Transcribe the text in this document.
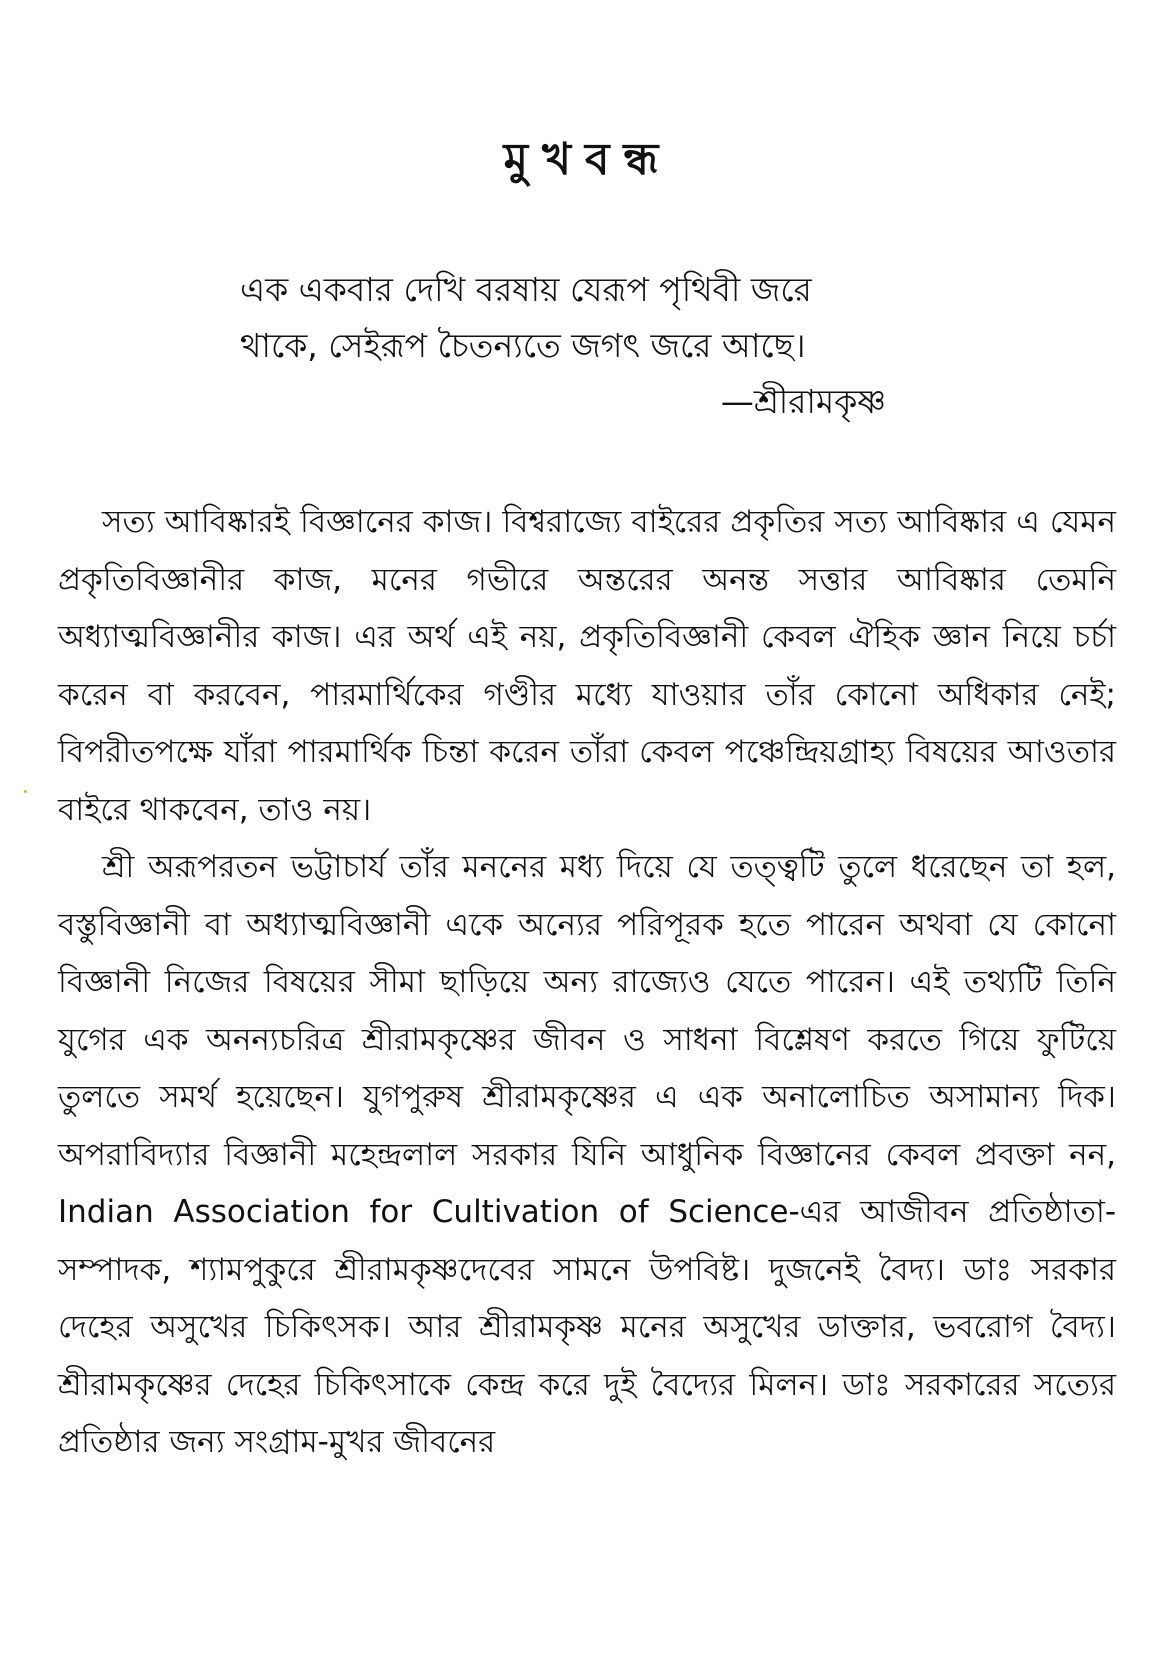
মুখবন্ধ
এক একবার দেখি বরষায় যেরূপ পৃথিবী জরে
থাকে, সেইরূপ চৈতন্যতে জগৎ জরে আছে।
—শ্রীরামকৃষ্ণ

সত্য আবিষ্কারই বিজ্ঞানের কাজ। বিশ্বরাজ্যে বাইরের প্রকৃতির সত্য আবিষ্কার এ যেমন প্রকৃতিবিজ্ঞানীর কাজ, মনের গভীরে অন্তরের অনন্ত সত্তার আবিষ্কার তেমনি অধ্যাত্মবিজ্ঞানীর কাজ। এর অর্থ এই নয়, প্রকৃতিবিজ্ঞানী কেবল ঐহিক জ্ঞান নিয়ে চর্চা করেন বা করবেন, পারমার্থিকের গণ্ডীর মধ্যে যাওয়ার তাঁর কোনো অধিকার নেই; বিপরীতপক্ষে যাঁরা পারমার্থিক চিন্তা করেন তাঁরা কেবল পঞ্চেন্দ্রিয়গ্রাহ্য বিষয়ের আওতার বাইরে থাকবেন, তাও নয়।

শ্রী অরূপরতন ভট্টাচার্য তাঁর মননের মধ্য দিয়ে যে তত্ত্বটি তুলে ধরেছেন তা হল, বস্তুবিজ্ঞানী বা অধ্যাত্মবিজ্ঞানী একে অন্যের পরিপূরক হতে পারেন অথবা যে কোনো বিজ্ঞানী নিজের বিষয়ের সীমা ছাড়িয়ে অন্য রাজ্যেও যেতে পারেন। এই তথ্যটি তিনি যুগের এক অনন্যচরিত্র শ্রীরামকৃষ্ণের জীবন ও সাধনা বিশ্লেষণ করতে গিয়ে ফুটিয়ে তুলতে সমর্থ হয়েছেন। যুগপুরুষ শ্রীরামকৃষ্ণের এ এক অনালোচিত অসামান্য দিক। অপরাবিদ্যার বিজ্ঞানী মহেন্দ্রলাল সরকার যিনি আধুনিক বিজ্ঞানের কেবল প্রবক্তা নন, Indian Association for Cultivation of Science-এর আজীবন প্রতিষ্ঠাতা-সম্পাদক, শ্যামপুকুরে শ্রীরামকৃষ্ণদেবের সামনে উপবিষ্ট। দুজনেই বৈদ্য। ডাঃ সরকার দেহের অসুখের চিকিৎসক। আর শ্রীরামকৃষ্ণ মনের অসুখের ডাক্তার, ভবরোগ বৈদ্য। শ্রীরামকৃষ্ণের দেহের চিকিৎসাকে কেন্দ্র করে দুই বৈদ্যের মিলন। ডাঃ সরকারের সত্যের প্রতিষ্ঠার জন্য সংগ্রাম-মুখর জীবনের
